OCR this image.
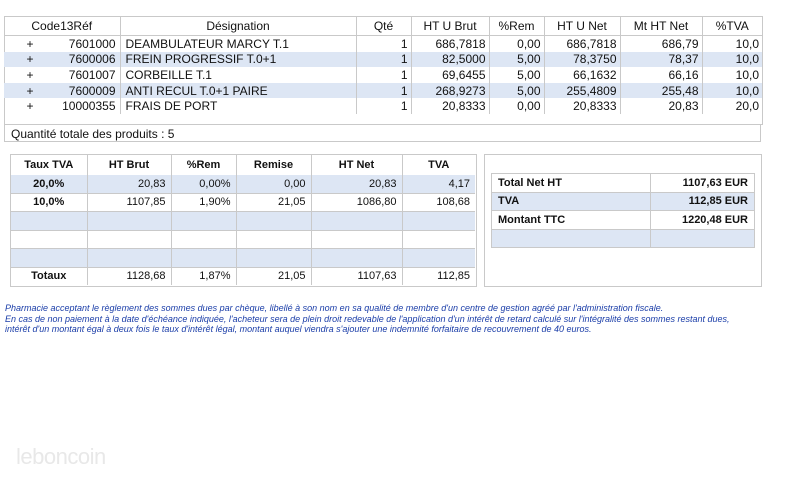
Code13Réf	Désignation	Qté	HT U Brut	%Rem	HT U Net	Mt HT Net	%TVA

+ 7601000	DEAMBULATEUR MARCY T.1	1	686,7818	0,00	686,7818	686,79	10,0

+ 7600006	FREIN PROGRESSIF T.0+1	1	82,5000	5,00	78,3750	78,37	10,0

+ 7601007	CORBEILLE T.1	1	69,6455	5,00	66,1632	66,16	10,0

+ 7600009	ANTI RECUL T.0+1 PAIRE	1	268,9273	5,00	255,4809	255,48	10,0

+ 10000355	FRAIS DE PORT	1	20,8333	0,00	20,8333	20,83	20,0
Quantité totale des produits : 5
Taux TVA	HT Brut	%Rem	Remise	HT Net	TVA
20,0%	20,83	0,00%	0,00	20,83	4,17
10,0%	1107,85	1,90%	21,05	1086,80	108,68

Totaux	1128,68	1,87%	21,05	1107,63	112,85
Total Net HT	1107,63 EUR
TVA	112,85 EUR
Montant TTC	1220,48 EUR

Pharmacie acceptant le règlement des sommes dues par chèque, libellé à son nom en sa qualité de membre d'un centre de gestion agréé par l'administration fiscale.
En cas de non paiement à la date d'échéance indiquée, l'acheteur sera de plein droit redevable de l'application d'un intérêt de retard calculé sur l'intégralité des sommes restant dues,
intérêt d'un montant égal à deux fois le taux d'intérêt légal, montant auquel viendra s'ajouter une indemnité forfaitaire de recouvrement de 40 euros.
leboncoin
